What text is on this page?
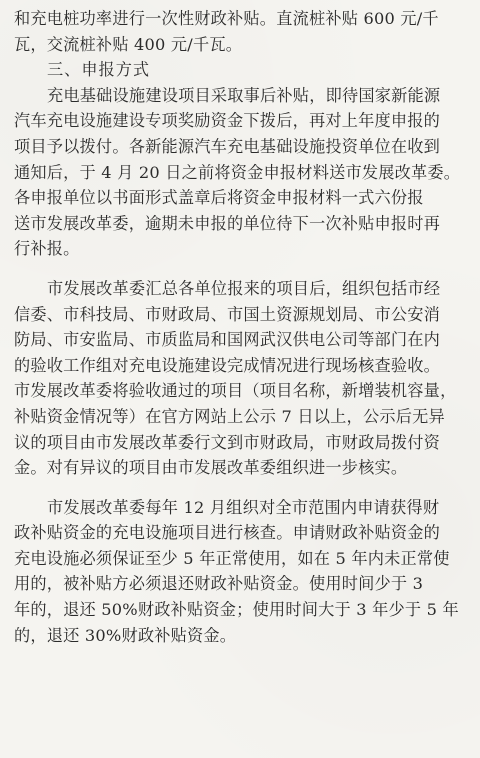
和充电桩功率进行一次性财政补贴。直流桩补贴 600 元/千
瓦，交流桩补贴 400 元/千瓦。
三、申报方式
充电基础设施建设项目采取事后补贴，即待国家新能源
汽车充电设施建设专项奖励资金下拨后，再对上年度申报的
项目予以拨付。各新能源汽车充电基础设施投资单位在收到
通知后，于 4 月 20 日之前将资金申报材料送市发展改革委。
各申报单位以书面形式盖章后将资金申报材料一式六份报
送市发展改革委，逾期未申报的单位待下一次补贴申报时再
行补报。
市发展改革委汇总各单位报来的项目后，组织包括市经
信委、市科技局、市财政局、市国土资源规划局、市公安消
防局、市安监局、市质监局和国网武汉供电公司等部门在内
的验收工作组对充电设施建设完成情况进行现场核查验收。
市发展改革委将验收通过的项目（项目名称，新增装机容量，
补贴资金情况等）在官方网站上公示 7 日以上，公示后无异
议的项目由市发展改革委行文到市财政局，市财政局拨付资
金。对有异议的项目由市发展改革委组织进一步核实。
市发展改革委每年 12 月组织对全市范围内申请获得财
政补贴资金的充电设施项目进行核查。申请财政补贴资金的
充电设施必须保证至少 5 年正常使用，如在 5 年内未正常使
用的，被补贴方必须退还财政补贴资金。使用时间少于 3
年的，退还 50%财政补贴资金；使用时间大于 3 年少于 5 年
的，退还 30%财政补贴资金。
